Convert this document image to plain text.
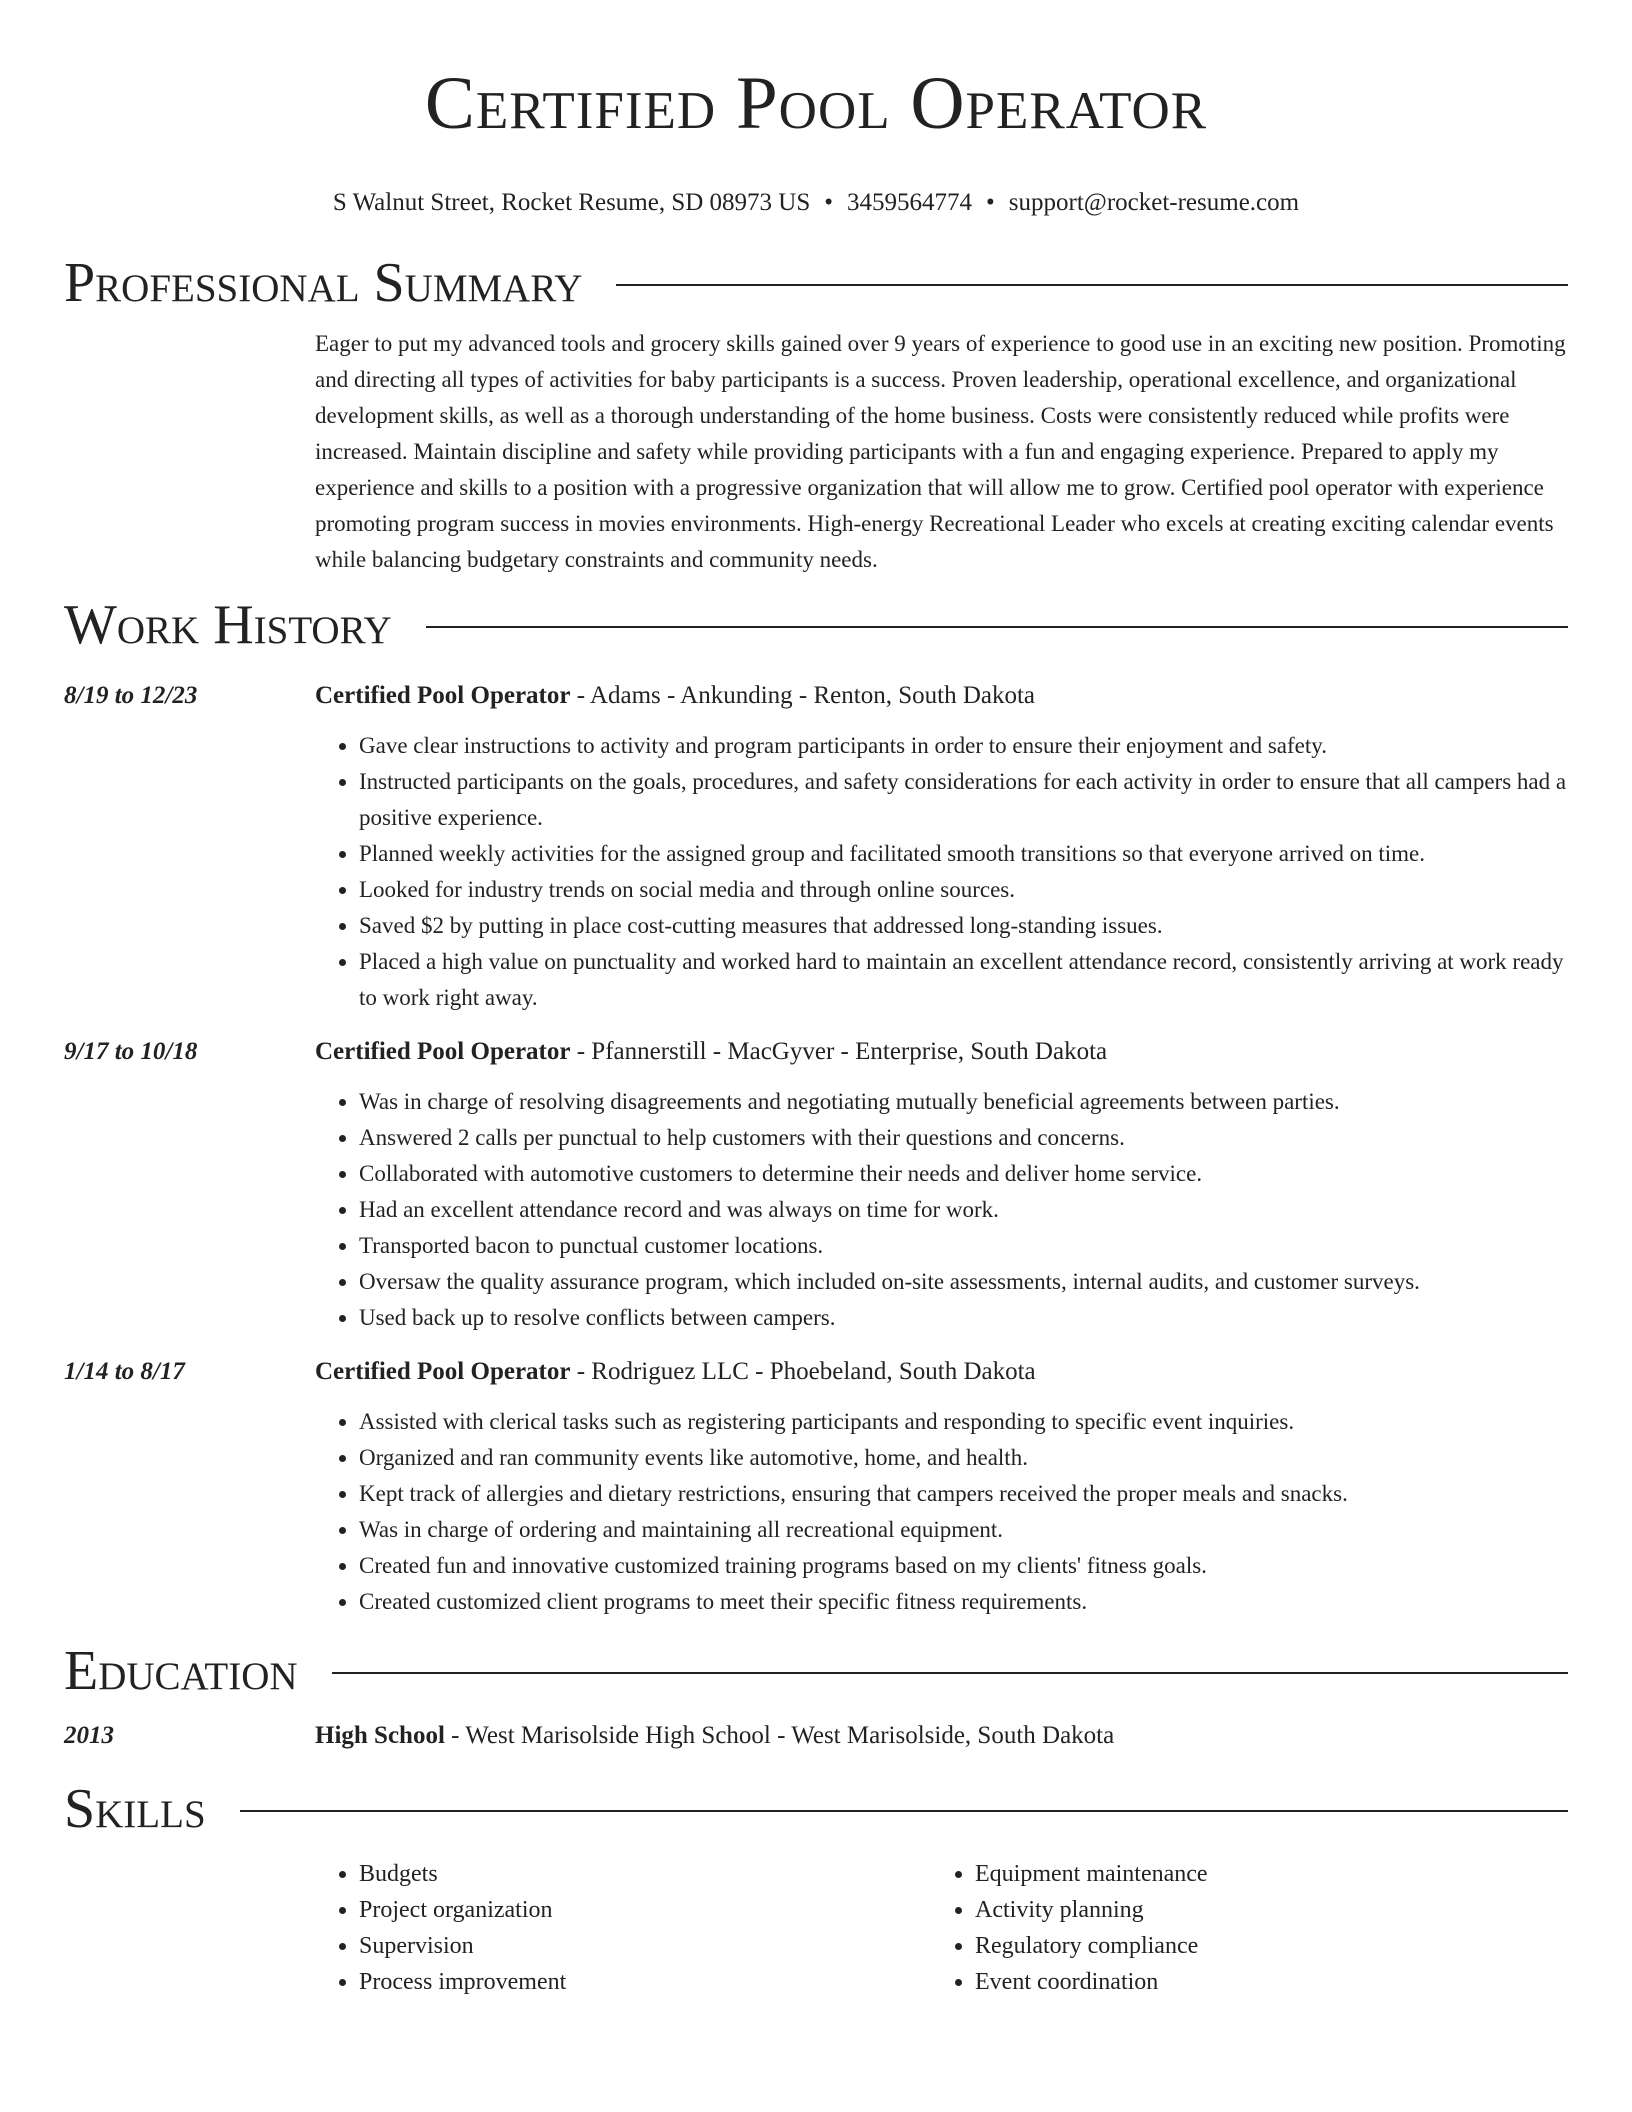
Certified Pool Operator
S Walnut Street, Rocket Resume, SD 08973 US • 3459564774 • support@rocket-resume.com
Professional Summary

Eager to put my advanced tools and grocery skills gained over 9 years of experience to good use in an exciting new position. Promoting and directing all types of activities for baby participants is a success. Proven leadership, operational excellence, and organizational development skills, as well as a thorough understanding of the home business. Costs were consistently reduced while profits were increased. Maintain discipline and safety while providing participants with a fun and engaging experience. Prepared to apply my experience and skills to a position with a progressive organization that will allow me to grow. Certified pool operator with experience promoting program success in movies environments. High-energy Recreational Leader who excels at creating exciting calendar events while balancing budgetary constraints and community needs.

Work History
8/19 to 12/23	Certified Pool Operator - Adams - Ankunding - Renton, South Dakota
• Gave clear instructions to activity and program participants in order to ensure their enjoyment and safety.
• Instructed participants on the goals, procedures, and safety considerations for each activity in order to ensure that all campers had a positive experience.
• Planned weekly activities for the assigned group and facilitated smooth transitions so that everyone arrived on time.
• Looked for industry trends on social media and through online sources.
• Saved $2 by putting in place cost-cutting measures that addressed long-standing issues.
• Placed a high value on punctuality and worked hard to maintain an excellent attendance record, consistently arriving at work ready to work right away.
9/17 to 10/18	Certified Pool Operator - Pfannerstill - MacGyver - Enterprise, South Dakota
• Was in charge of resolving disagreements and negotiating mutually beneficial agreements between parties.
• Answered 2 calls per punctual to help customers with their questions and concerns.
• Collaborated with automotive customers to determine their needs and deliver home service.
• Had an excellent attendance record and was always on time for work.
• Transported bacon to punctual customer locations.
• Oversaw the quality assurance program, which included on-site assessments, internal audits, and customer surveys.
• Used back up to resolve conflicts between campers.
1/14 to 8/17	Certified Pool Operator - Rodriguez LLC - Phoebeland, South Dakota
• Assisted with clerical tasks such as registering participants and responding to specific event inquiries.
• Organized and ran community events like automotive, home, and health.
• Kept track of allergies and dietary restrictions, ensuring that campers received the proper meals and snacks.
• Was in charge of ordering and maintaining all recreational equipment.
• Created fun and innovative customized training programs based on my clients' fitness goals.
• Created customized client programs to meet their specific fitness requirements.
Education
2013	High School - West Marisolside High School - West Marisolside, South Dakota
Skills
• Budgets
• Project organization
• Supervision
• Process improvement
• Equipment maintenance
• Activity planning
• Regulatory compliance
• Event coordination
